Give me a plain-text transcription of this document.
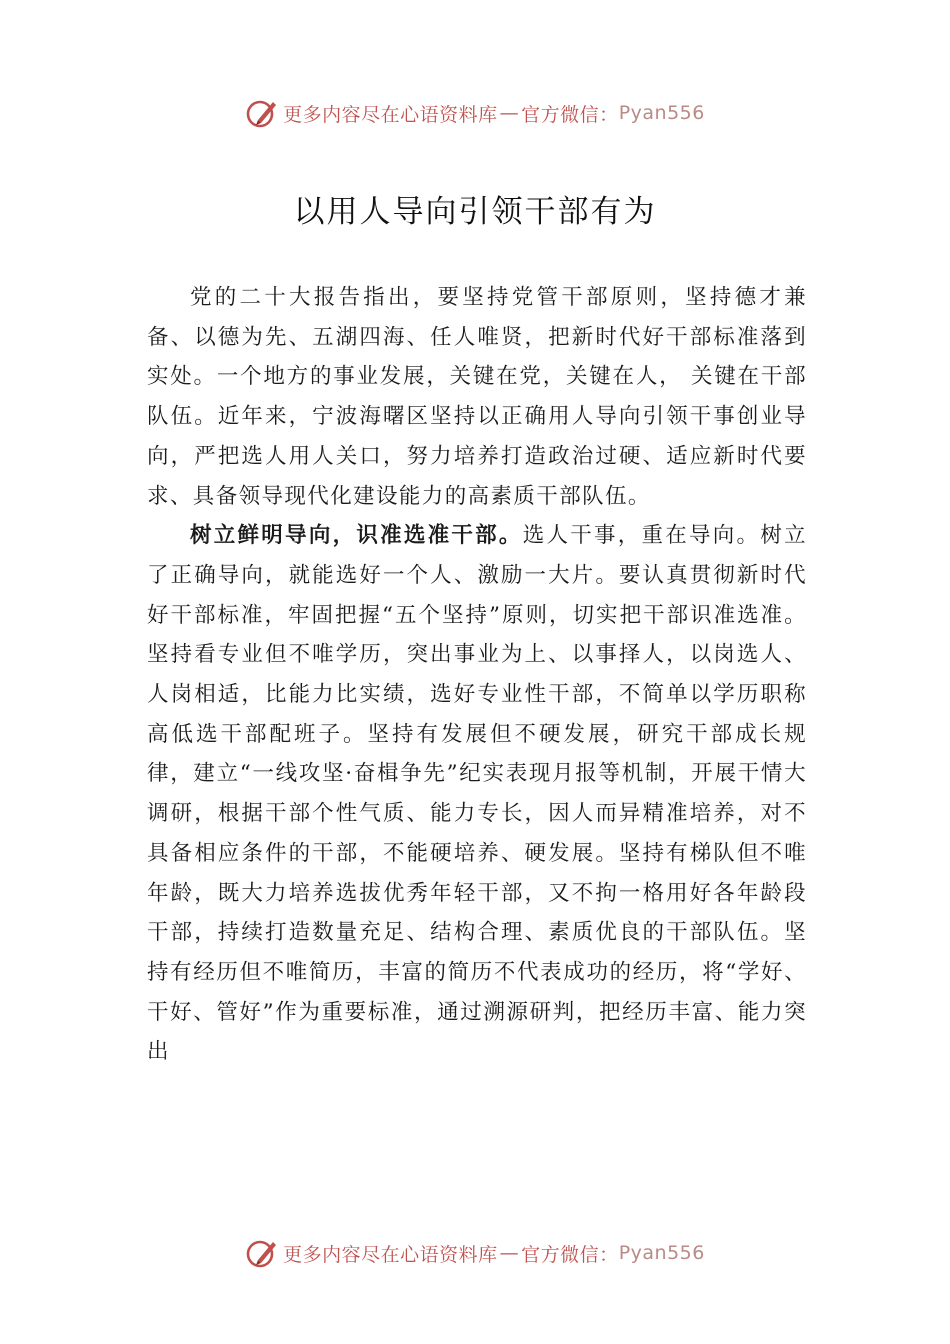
更多内容尽在心语资料库 — 官方微信： Pyan556
以用人导向引领干部有为

党的二十大报告指出，要坚持党管干部原则，坚持德才兼备、以德为先、五湖四海、任人唯贤，把新时代好干部标准落到实处。一个地方的事业发展，关键在党，关键在人， 关键在干部队伍。近年来，宁波海曙区坚持以正确用人导向引领干事创业导向，严把选人用人关口，努力培养打造政治过硬、适应新时代要求、具备领导现代化建设能力的高素质干部队伍。

树立鲜明导向，识准选准干部。选人干事，重在导向。树立了正确导向，就能选好一个人、激励一大片。要认真贯彻新时代好干部标准，牢固把握“五个坚持”原则，切实把干部识准选准。坚持看专业但不唯学历，突出事业为上、以事择人，以岗选人、人岗相适，比能力比实绩，选好专业性干部，不简单以学历职称高低选干部配班子。坚持有发展但不硬发展，研究干部成长规律，建立“一线攻坚·奋楫争先”纪实表现月报等机制，开展干情大调研，根据干部个性气质、能力专长，因人而异精准培养，对不具备相应条件的干部，不能硬培养、硬发展。坚持有梯队但不唯年龄，既大力培养选拔优秀年轻干部，又不拘一格用好各年龄段干部，持续打造数量充足、结构合理、素质优良的干部队伍。坚持有经历但不唯简历，丰富的简历不代表成功的经历，将“学好、干好、管好”作为重要标准，通过溯源研判，把经历丰富、能力突出

更多内容尽在心语资料库 — 官方微信： Pyan556
